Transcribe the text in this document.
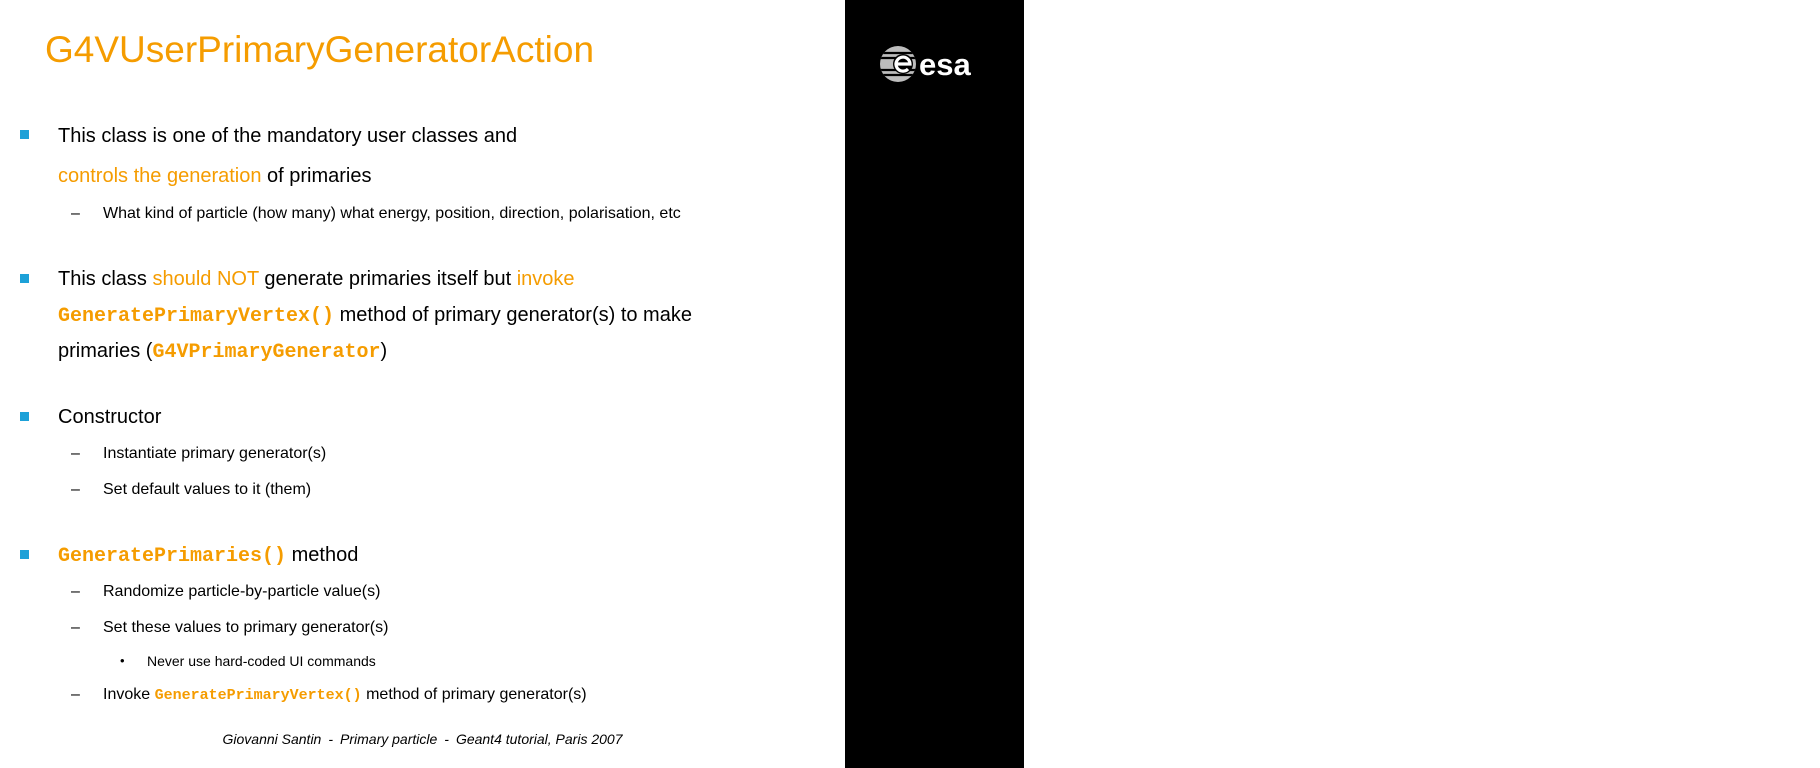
G4VUserPrimaryGeneratorAction
This class is one of the mandatory user classes and
controls the generation of primaries
– What kind of particle (how many) what energy, position, direction, polarisation, etc
This class should NOT generate primaries itself but invoke
GeneratePrimaryVertex() method of primary generator(s) to make
primaries (G4VPrimaryGenerator)
Constructor
– Instantiate primary generator(s)
– Set default values to it (them)
GeneratePrimaries() method
– Randomize particle-by-particle value(s)
– Set these values to primary generator(s)
• Never use hard-coded UI commands
– Invoke GeneratePrimaryVertex() method of primary generator(s)
Giovanni Santin - Primary particle - Geant4 tutorial, Paris 2007
esa
5
